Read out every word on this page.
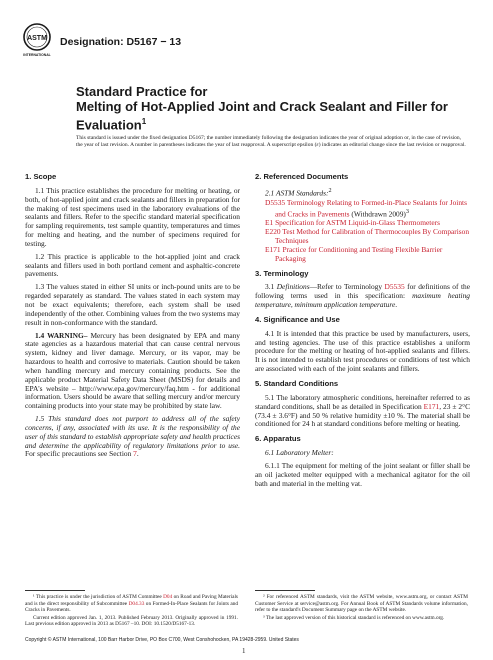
ASTM
INTERNATIONAL
Designation: D5167 − 13
Standard Practice for
Melting of Hot-Applied Joint and Crack Sealant and Filler for
Evaluation$^1$

This standard is issued under the fixed designation D5167; the number immediately following the designation indicates the year of original adoption or, in the case of revision, the year of last revision. A number in parentheses indicates the year of last reapproval. A superscript epsilon (ε) indicates an editorial change since the last revision or reapproval.

1. Scope

1.1 This practice establishes the procedure for melting or heating, or both, of hot-applied joint and crack sealants and fillers in preparation for the making of test specimens used in the laboratory evaluations of the sealants and fillers. Refer to the specific standard material specification for sampling requirements, test sample quantity, temperatures and times for melting and heating, and the number of specimens required for testing.

1.2 This practice is applicable to the hot-applied joint and crack sealants and fillers used in both portland cement and asphaltic-concrete pavements.

1.3 The values stated in either SI units or inch-pound units are to be regarded separately as standard. The values stated in each system may not be exact equivalents; therefore, each system shall be used independently of the other. Combining values from the two systems may result in non-conformance with the standard.

1.4 WARNING– Mercury has been designated by EPA and many state agencies as a hazardous material that can cause central nervous system, kidney and liver damage. Mercury, or its vapor, may be hazardous to health and corrosive to materials. Caution should be taken when handling mercury and mercury containing products. See the applicable product Material Safety Data Sheet (MSDS) for details and EPA's website – http://www.epa.gov/mercury/faq.htm - for additional information. Users should be aware that selling mercury and/or mercury containing products into your state may be prohibited by state law.

1.5 This standard does not purport to address all of the safety concerns, if any, associated with its use. It is the responsibility of the user of this standard to establish appropriate safety and health practices and determine the applicability of regulatory limitations prior to use. For specific precautions see Section 7.

2. Referenced Documents

2.1 ASTM Standards:$^2$

D5535 Terminology Relating to Formed-in-Place Sealants for Joints and Cracks in Pavements (Withdrawn 2009)$^3$
E1 Specification for ASTM Liquid-in-Glass Thermometers
E220 Test Method for Calibration of Thermocouples By Comparison Techniques
E171 Practice for Conditioning and Testing Flexible Barrier Packaging
3. Terminology

3.1 Definitions—Refer to Terminology D5535 for definitions of the following terms used in this specification: maximum heating temperature, minimum application temperature.

4. Significance and Use

4.1 It is intended that this practice be used by manufacturers, users, and testing agencies. The use of this practice establishes a uniform procedure for the melting or heating of hot-applied sealants and fillers. It is not intended to establish test procedures or conditions of test which are associated with each of the joint sealants and fillers.

5. Standard Conditions

5.1 The laboratory atmospheric conditions, hereinafter referred to as standard conditions, shall be as detailed in Specification E171, 23 ± 2°C (73.4 ± 3.6°F) and 50 % relative humidity ±10 %. The material shall be conditioned for 24 h at standard conditions before melting or heating.

6. Apparatus

6.1 Laboratory Melter:

6.1.1 The equipment for melting of the joint sealant or filler shall be an oil jacketed melter equipped with a mechanical agitator for the oil bath and material in the melting vat.

¹ This practice is under the jurisdiction of ASTM Committee D04 on Road and Paving Materials and is the direct responsibility of Subcommittee D04.33 on Formed-In-Place Sealants for Joints and Cracks in Pavements.

Current edition approved Jan. 1, 2013. Published February 2013. Originally approved in 1991. Last previous edition approved in 2013 as D5167 –10. DOI: 10.1520/D5167-13.

² For referenced ASTM standards, visit the ASTM website, www.astm.org, or contact ASTM Customer Service at service@astm.org. For Annual Book of ASTM Standards volume information, refer to the standard's Document Summary page on the ASTM website.

³ The last approved version of this historical standard is referenced on www.astm.org.

Copyright © ASTM International, 100 Barr Harbor Drive, PO Box C700, West Conshohocken, PA 19428-2959. United States
1
